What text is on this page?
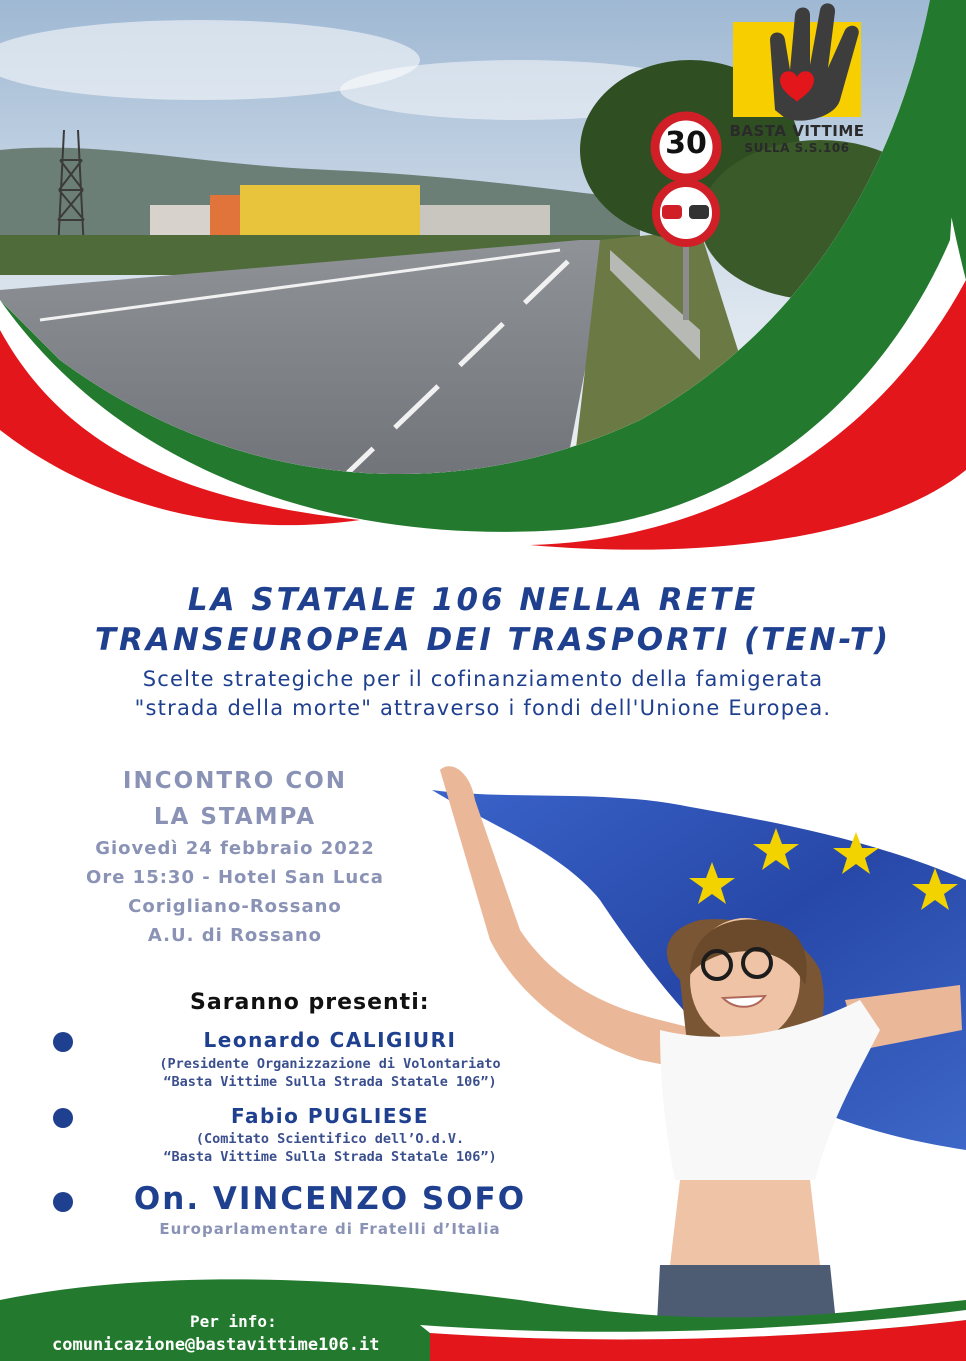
30	BASTA VITTIME
SULLA S.S.106
LA STATALE 106 NELLA RETE
TRANSEUROPEA DEI TRASPORTI (TEN-T)
Scelte strategiche per il cofinanziamento della famigerata
"strada della morte" attraverso i fondi dell'Unione Europea.
INCONTRO CON
LA STAMPA
Giovedì 24 febbraio 2022
Ore 15:30 - Hotel San Luca
Corigliano-Rossano
A.U. di Rossano
Saranno presenti:
Leonardo CALIGIURI
(Presidente Organizzazione di Volontariato
“Basta Vittime Sulla Strada Statale 106”)
Fabio PUGLIESE
(Comitato Scientifico dell’O.d.V.
“Basta Vittime Sulla Strada Statale 106”)
On. VINCENZO SOFO
Europarlamentare di Fratelli d’Italia
Per info:
comunicazione@bastavittime106.it
